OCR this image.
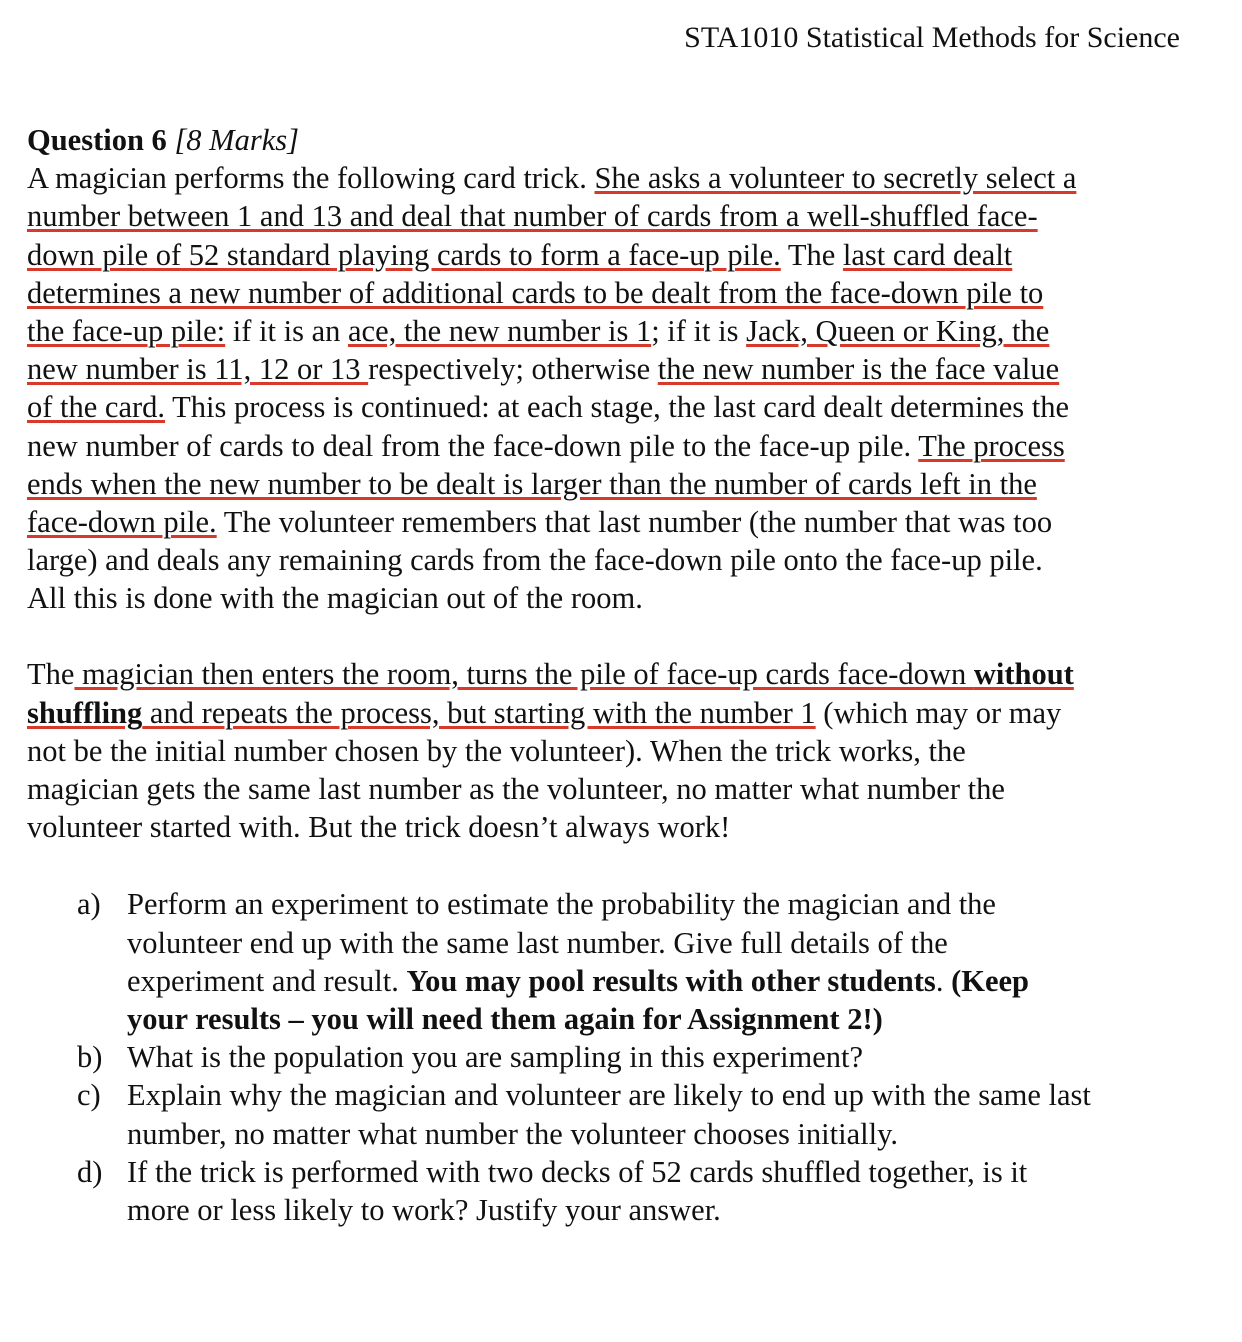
STA1010 Statistical Methods for Science
Question 6 [8 Marks]
A magician performs the following card trick. She asks a volunteer to secretly select a
number between 1 and 13 and deal that number of cards from a well-shuffled face-
down pile of 52 standard playing cards to form a face-up pile. The last card dealt
determines a new number of additional cards to be dealt from the face-down pile to
the face-up pile: if it is an ace, the new number is 1; if it is Jack, Queen or King, the
new number is 11, 12 or 13 respectively; otherwise the new number is the face value
of the card. This process is continued: at each stage, the last card dealt determines the
new number of cards to deal from the face-down pile to the face-up pile. The process
ends when the new number to be dealt is larger than the number of cards left in the
face-down pile. The volunteer remembers that last number (the number that was too
large) and deals any remaining cards from the face-down pile onto the face-up pile.
All this is done with the magician out of the room.
The magician then enters the room, turns the pile of face-up cards face-down without
shuffling and repeats the process, but starting with the number 1 (which may or may
not be the initial number chosen by the volunteer). When the trick works, the
magician gets the same last number as the volunteer, no matter what number the
volunteer started with. But the trick doesn’t always work!
a) Perform an experiment to estimate the probability the magician and the
volunteer end up with the same last number. Give full details of the
experiment and result. You may pool results with other students. (Keep
your results – you will need them again for Assignment 2!)
b) What is the population you are sampling in this experiment?
c) Explain why the magician and volunteer are likely to end up with the same last
number, no matter what number the volunteer chooses initially.
d) If the trick is performed with two decks of 52 cards shuffled together, is it
more or less likely to work? Justify your answer.
